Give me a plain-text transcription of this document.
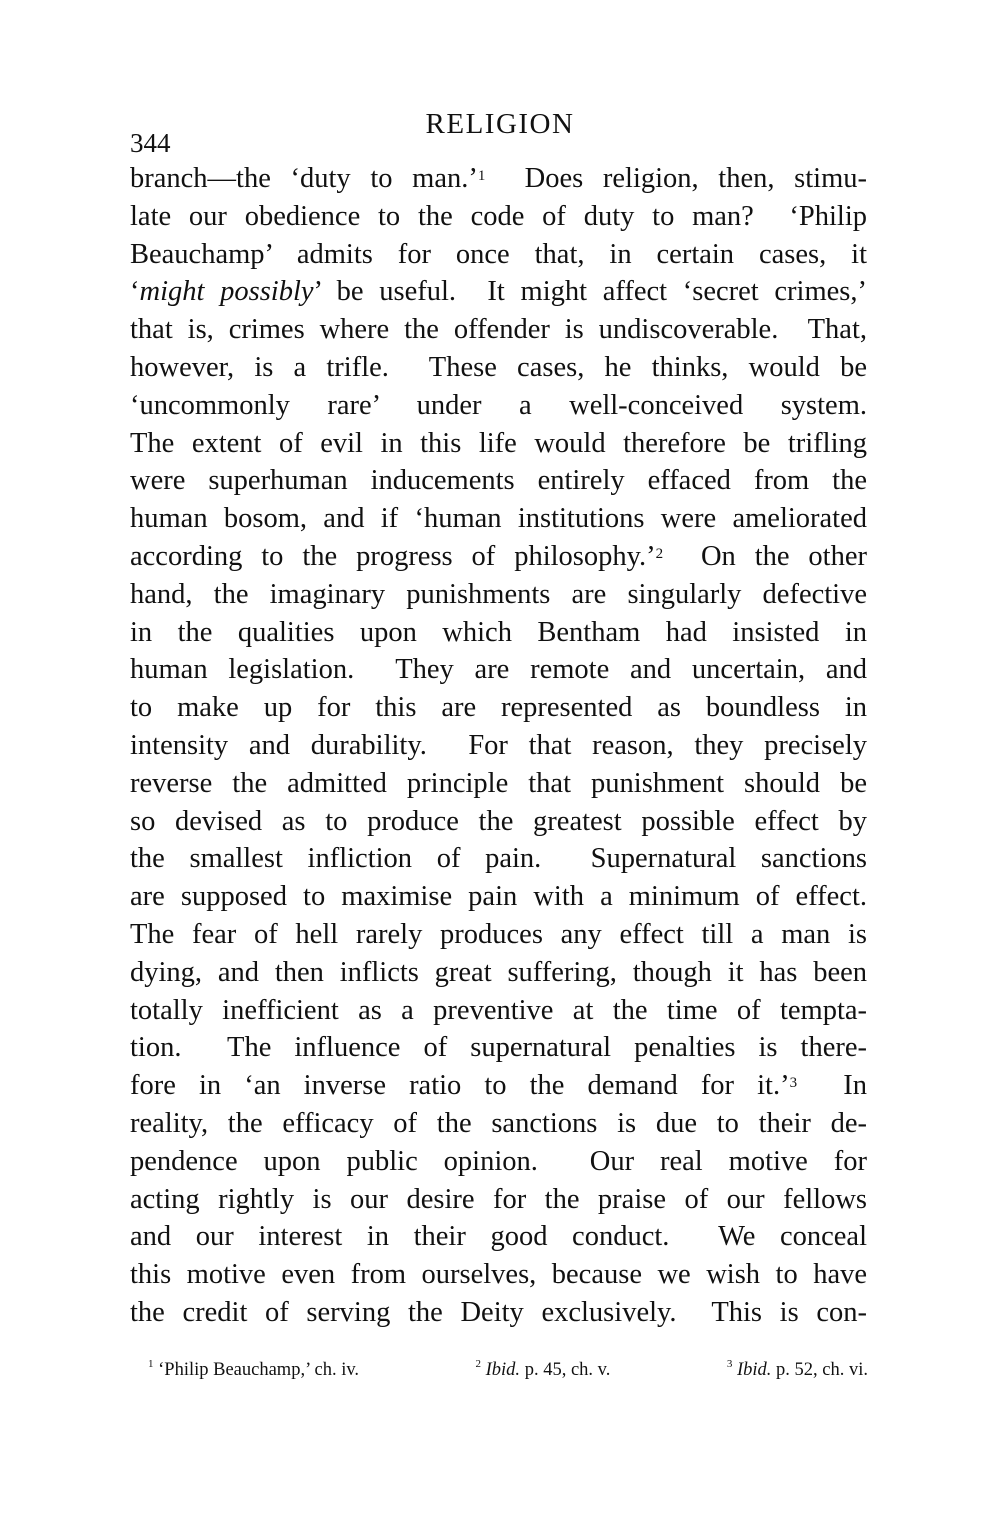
344
RELIGION
branch—the ‘duty to man.’$^1$  Does religion, then, stimu-
late our obedience to the code of duty to man?  ‘Philip
Beauchamp’ admits for once that, in certain cases, it
‘might possibly’ be useful.  It might affect ‘secret crimes,’
that is, crimes where the offender is undiscoverable.  That,
however, is a trifle.  These cases, he thinks, would be
‘uncommonly rare’ under a well-conceived system.
The extent of evil in this life would therefore be trifling
were superhuman inducements entirely effaced from the
human bosom, and if ‘human institutions were ameliorated
according to the progress of philosophy.’$^2$  On the other
hand, the imaginary punishments are singularly defective
in the qualities upon which Bentham had insisted in
human legislation.  They are remote and uncertain, and
to make up for this are represented as boundless in
intensity and durability.  For that reason, they precisely
reverse the admitted principle that punishment should be
so devised as to produce the greatest possible effect by
the smallest infliction of pain.  Supernatural sanctions
are supposed to maximise pain with a minimum of effect.
The fear of hell rarely produces any effect till a man is
dying, and then inflicts great suffering, though it has been
totally inefficient as a preventive at the time of tempta-
tion.  The influence of supernatural penalties is there-
fore in ‘an inverse ratio to the demand for it.’$^3$  In
reality, the efficacy of the sanctions is due to their de-
pendence upon public opinion.  Our real motive for
acting rightly is our desire for the praise of our fellows
and our interest in their good conduct.  We conceal
this motive even from ourselves, because we wish to have
the credit of serving the Deity exclusively.  This is con-
$^1$ ‘Philip Beauchamp,’ ch. iv.	$^2$ Ibid. p. 45, ch. v.	$^3$ Ibid. p. 52, ch. vi.
